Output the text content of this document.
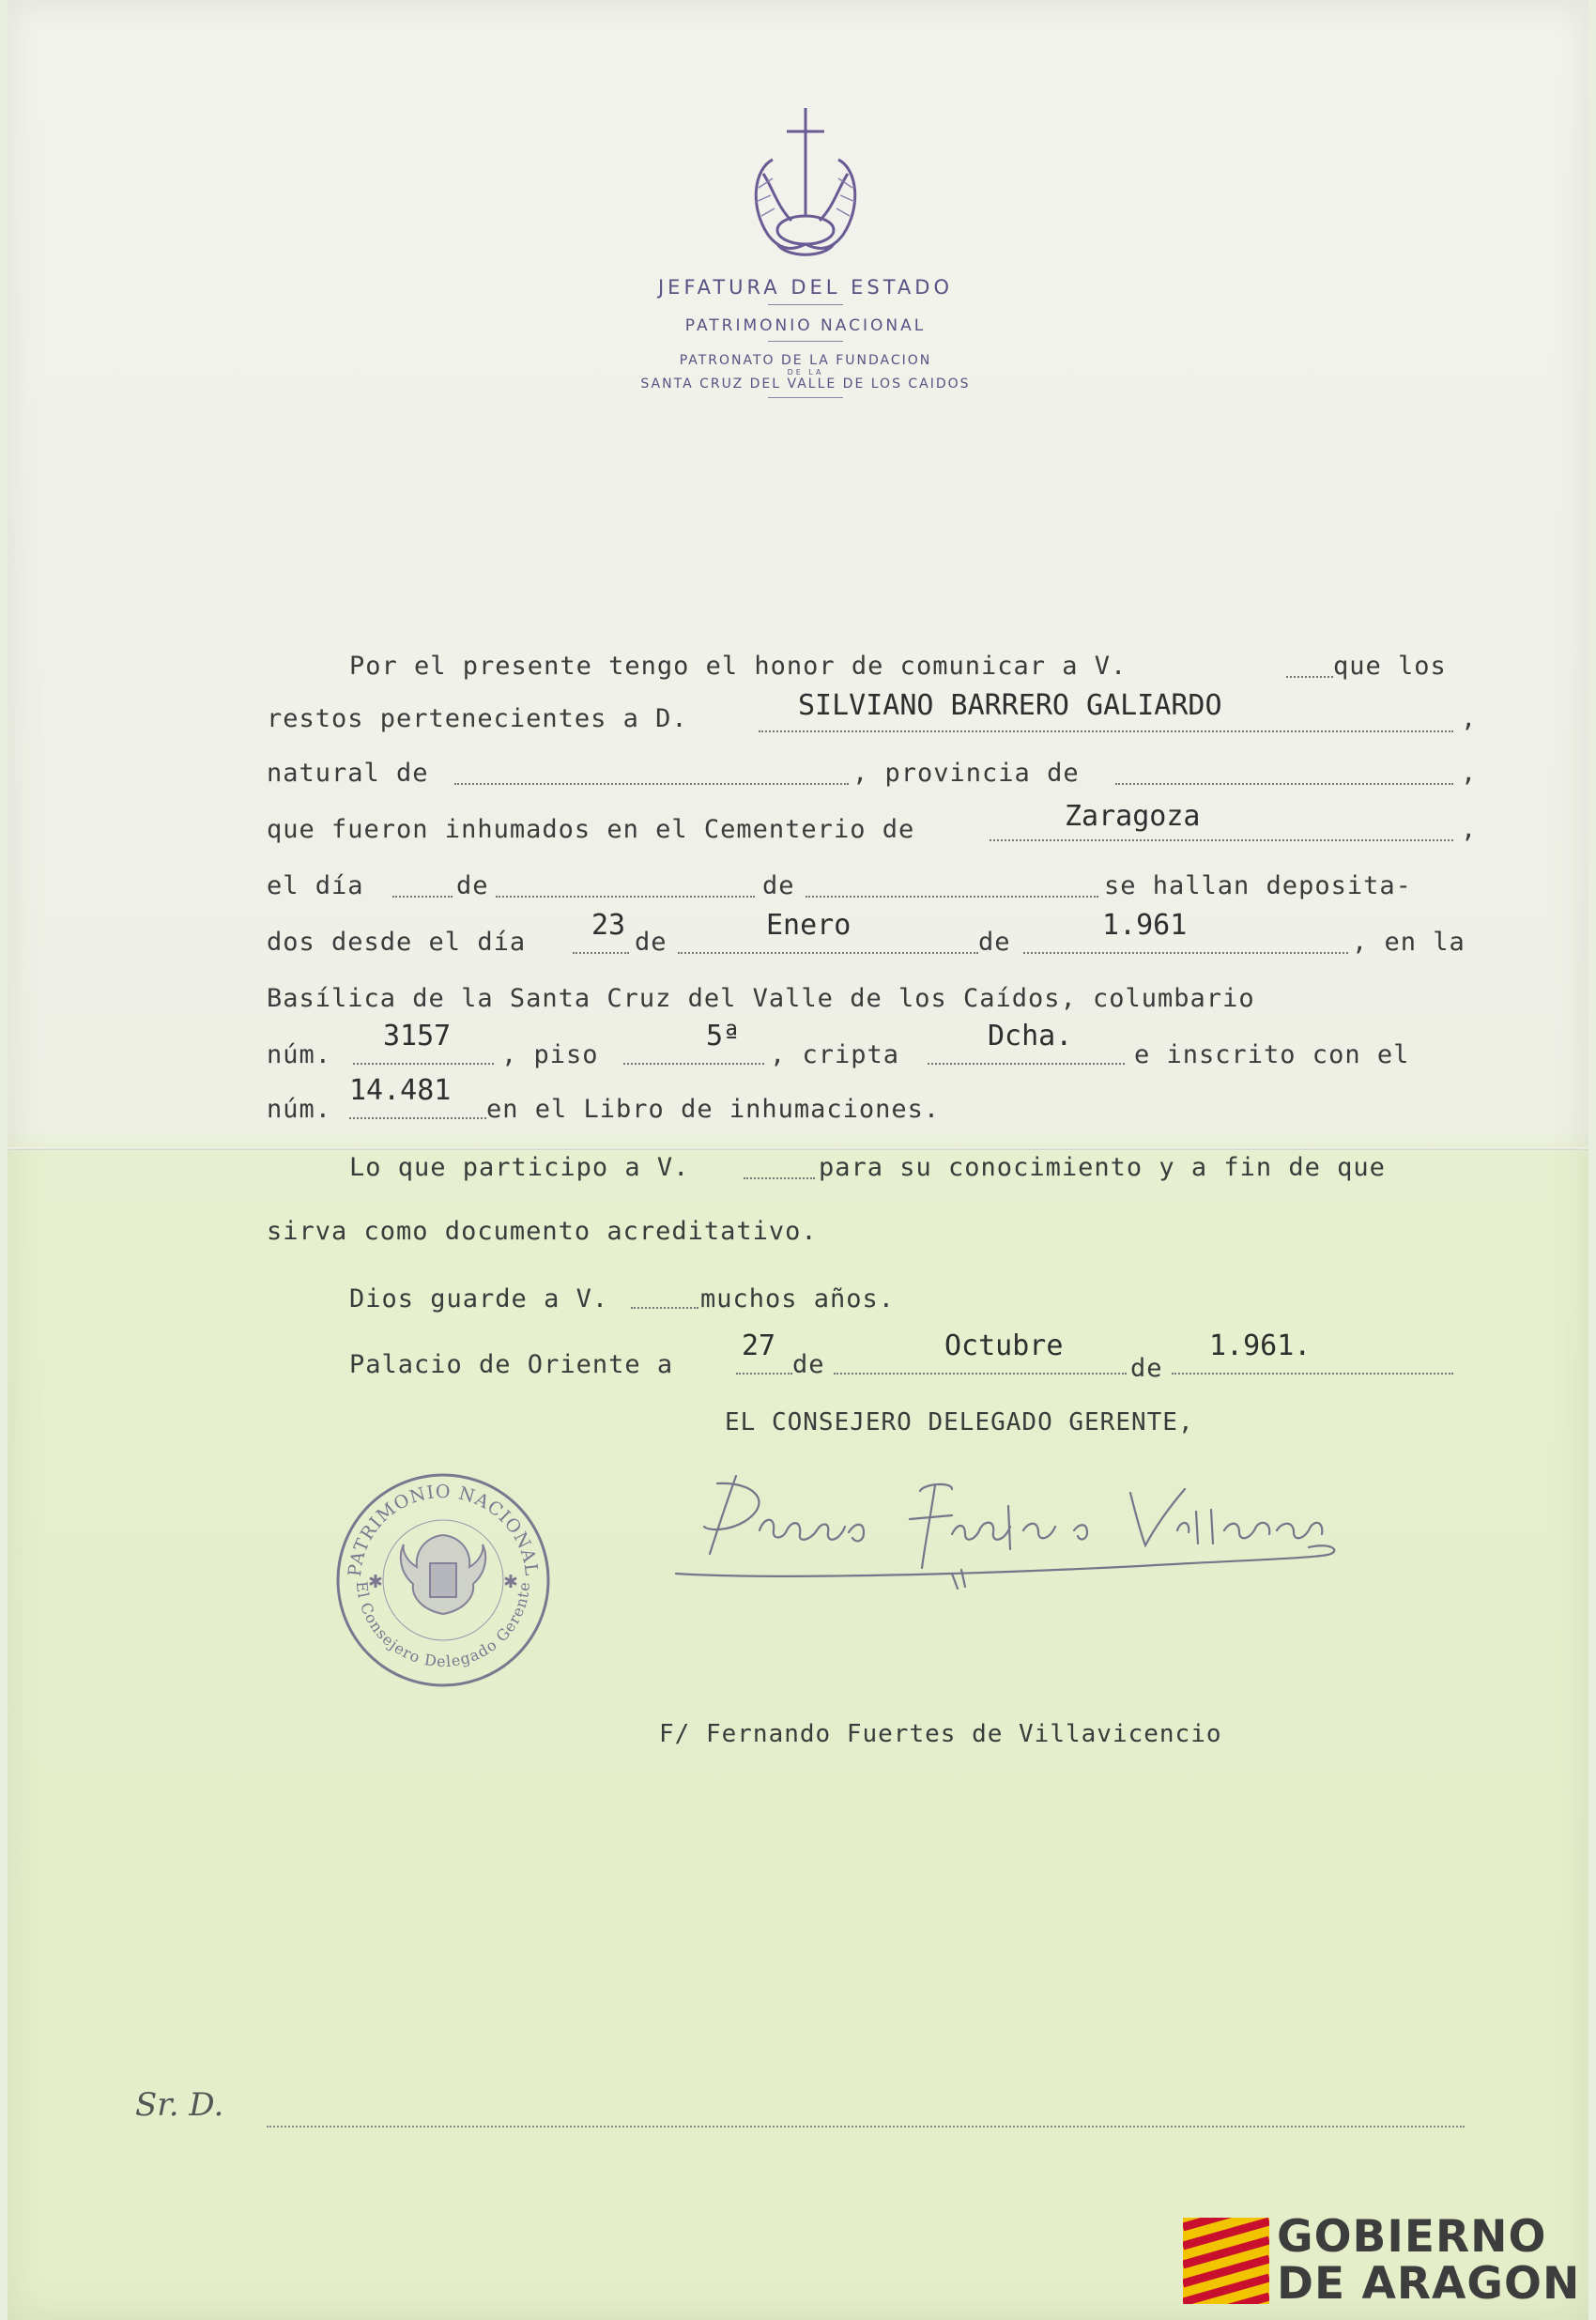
JEFATURA DEL ESTADO
PATRIMONIO NACIONAL
PATRONATO DE LA FUNDACION
DE LA
SANTA CRUZ DEL VALLE DE LOS CAIDOS
Por el presente tengo el honor de comunicar a V.	que los
restos pertenecientes a D.	SILVIANO BARRERO GALIARDO	,
natural de	, provincia de	,
que fueron inhumados en el Cementerio de	Zaragoza	,
el día	de	de	se hallan deposita-
dos desde el día
23
de
Enero
de
1.961
, en la
Basílica de la Santa Cruz del Valle de los Caídos, columbario
núm.
3157
, piso
5ª
, cripta
Dcha.
e inscrito con el
núm.
14.481
en el Libro de inhumaciones.
Lo que participo a V.	para su conocimiento y a fin de que
sirva como documento acreditativo.
Dios guarde a V.	muchos años.
Palacio de Oriente a
27
de
Octubre
de
1.961.
EL CONSEJERO DELEGADO GERENTE,
PATRIMONIO NACIONAL
El Consejero Delegado Gerente
✱	✱
F/ Fernando Fuertes de Villavicencio
Sr. D.
GOBIERNO
DE ARAGON
